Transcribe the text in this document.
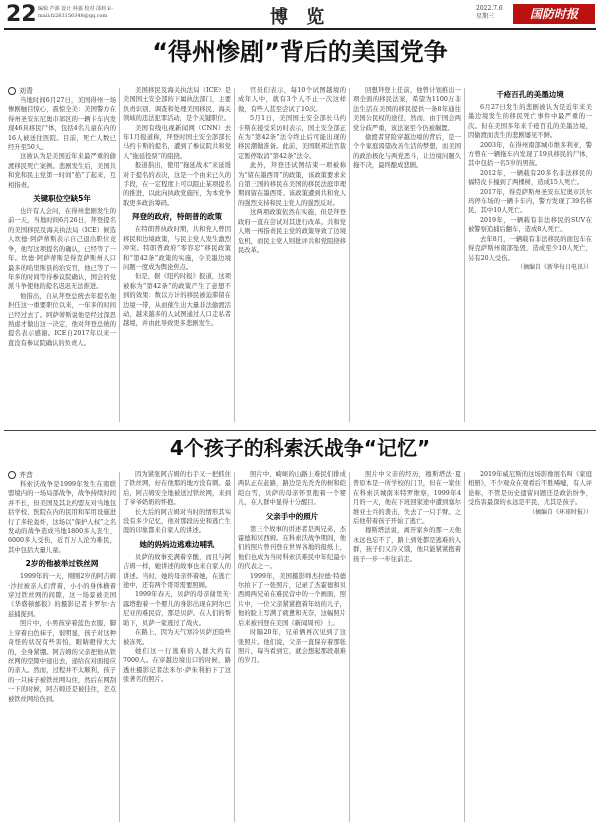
22 编辑 芦源 设计 林强 校对 邵莉 E-mail:fz283156348@qq.com	博 览	2022.7.6
星期三	国防时报
“得州惨剧”背后的美国党争

刘青

当地时间6月27日，美国得州一场惨剧触目惊心，震惊全美：美国警方在得州圣安东尼奥市郊区的一辆卡车内发现46具移民尸体，包括4名儿童在内的16人被送往医院。目前，死亡人数已经升至50人。

这被认为是美国近年来最严重的偷渡移民死亡案例。悲剧发生后，美国共和党和民主党第一时间“掐”了起来，互相指责。

关键职位空缺5年

也许有人会问，在得州悲剧发生的前一天，当地时间6月26日，拜登提名的美国移民及海关执法局（ICE）候选人坎德·阿萨蒂斯表示自己退出职位竞争，他写这项提名的确认，已经等了一年。坎德·阿萨蒂斯是得克萨斯州人口最多的哈里斯县的治安官，他已等了一年多的时间等待参议院确认，国会的党派斗争使他的提名迟迟无法推进。

他指出，自从拜登总统去年提名他担任这一重要职位以来，一年多的时间已经过去了。阿萨蒂斯说他是经过深思熟虑才做出这一决定，他对拜登总统的提名表示感谢。ICE自2017年以来一直没有参议院确认的负责人。

美国移民及海关执法局（ICE）是美国国土安全部的下属执法部门，主要负责识别、调查和处理美国移民、海关领域的违法犯罪活动，是个关键职位。

美国有线电视新闻网（CNN）去年1月报道称，拜登时国土安全部部长马约卡斯的提名，遭到了参议院共和党人“拖延投票”的阻挠。

报道指出，使用“拖延战术”来延缓对于提名的表决，这是一个由来已久的手段，在一定程度上可以阻止某项提名的推进，以此向执政党施压，为本党争取更多政治筹码。

拜登的政府，特朗普的政策

在特朗普执政时期，共和党人曾因移民和边境政策，与民主党人发生激烈冲突。特朗普政府“零容忍”移民政策和“第42条”政策的实施，令美墨边境问题一度成为舆论焦点。

但是，据《纽约时报》报道，这项被称为“第42条”的政策产生了意想不到的效果：数以万计的移民被迫滞留在边境一带，从而催生出大量非法偷渡活动，越来越多的人试图通过人口走私者越境，并由此导致更多悲剧发生。

官员们表示，每10个试图越境的成年人中，就有3个人不止一次这样做，有些人甚至尝试了10次。

5月1日，美国国土安全部长马约卡斯在接受采访时表示，国土安全部正在为“第42条”法令终止后可能出现的移民潮做准备。此前，美国联邦法官裁定暂停取消“第42条”法令。

此外，拜登还试图结束一项被称为“留在墨西哥”的政策，该政策要求来自第三国的移民在美国的移民法庭审理期间留在墨西哥。该政策遭到共和党人的强烈支持和民主党人的强烈反对。

这两项政策依然在实施，但是拜登政府一直在尝试对其进行改革。共和党人则一再指责民主党的政策导致了边境危机，而民主党人则批评共和党阻挠移民改革。

回想拜登上任前，他曾计划推出一项全面的移民法案，希望为1100万非法生活在美国的移民提供一条8年通往美国公民权的途径，然而，由于国会两党分歧严重，该法案至今仍被搁置。

偷渡者冒险穿越边境的背后，是一个个家庭渴望改善生活的梦想，而美国的政治极化与两党恶斗，让边境问题久拖不决，最终酿成悲剧。

千疮百孔的美墨边境

6月27日发生的悲剧被认为是近年来美墨边境发生的移民死亡事件中最严重的一次。但在美国多年来千疮百孔的美墨边境，因偷渡而丧生的悲剧屡见不鲜。

2003年，在得州南部城市维多利亚，警方曾在一辆拖车内发现了19具移民的尸体，其中包括一名5岁的男孩。

2012年，一辆载有20多名非法移民的福特皮卡撞到了两棵树，造成15人死亡。

2017年，得克萨斯州圣安东尼奥市沃尔玛停车场的一辆卡车内，警方发现了39名移民，其中10人死亡。

2019年，一辆载有非法移民的SUV在被警察追捕后翻车，造成8人死亡。

去年8月，一辆载有非法移民的面包车在得克萨斯州南部坠毁，造成至少10人死亡，另有20人受伤。

（摘编自《新华每日电讯》）
4个孩子的科索沃战争“记忆”

齐音

科索沃战争是1999年发生在南联盟境内的一场局部战争，战争持续时间并不长，但美国及其北约盟友对当地包括学校、医院在内的民用和军用设施进行了多轮轰炸，这场以“保护人权”之名发动的战争造成当地1800多人丧生、6000多人受伤，近百万人沦为难民，其中包括大量儿童。

2岁的他被举过铁丝网

1999年的一天，刚刚2岁的阿吉姆·沙拉被亲人们背着，小小的身体横着穿过铁丝网的间隙，这一场景被美国《华盛顿邮报》的摄影记者卡罗尔·古兹捕捉到。

照片中，小男孩穿着蓝色衣服，脚上穿着白色袜子，很明显，孩子对这种奇怪的状况有些害怕，眼睛瞪得大大的，全身紧绷。阿吉姆的父亲把他从铁丝网的空隙中递出去，递给在对面接应的亲人。然而，过程并不太顺利，孩子的一只袜子被铁丝网勾住，然后在网刮一下的时候，阿吉姆还是被挂住，差点被铁丝网给伤到。

因为紧张阿吉姆的右手又一把抓住了铁丝网，好在他那的地方没有刺。最后，阿吉姆安全地被送过铁丝网，来到了爷爷奶奶的怀抱。

长大后的阿吉姆对当时的情形其实没有多少记忆，他对那段历史和逃亡生涯的印象都来自家人的讲述。

她的妈妈边逃难边哺乳

贝萨的故事充满着辛酸，而且与阿吉姆一样，她讲述的故事也来自家人的讲述。当时，她的母亲怀着她，在逃亡途中，还有两个哥哥需要照顾。

1999年春天，贝萨的母亲谢里芙·露塔抱着一个婴儿的身影出现在阿尔巴尼亚的难民营，那是贝萨。在人们的帮助下，贝萨一家逃过了战火。

在路上，因为天气寒冷贝萨还险些被冻死。

她们这一行逃难的人群大约有7000人。在穿越边境出口的时候，路透社摄影记者法米尔·萨朱利拍下了这张著名的照片。

照片中，崎岖的山路上难民们排成两队正在赶路，路边是光秃秃的树和皑皑白雪，贝萨的母亲怀里抱着一个婴儿，在人群中显得十分醒目。

父亲手中的照片

第三个故事的讲述者是两兄弟，杰霍德和贝西姆。在科索沃战争期间，他们的照片曾刊登在世界各地的报纸上，他们也成为当时科索沃难民中年纪最小的代表之一。

1999年，美国摄影师杰拉德·特德尔拍下了一张照片，记录了杰霍德和贝西姆两兄弟在难民营中的一个画面，照片中，一位父亲紧紧抱着年幼的儿子，他的脸上写满了疲惫和无奈，这幅照片后来被刊登在美国《新闻周刊》上。

时隔20年，兄弟俩再次见到了这张照片。他们说，父亲一直保存着那张照片，每当看到它，就会想起那段艰难的岁月。

照片中父亲的经历，穆斯塔法·夏普原本是一所学校的门卫，但在一家住在科索沃城南米特罗维察，1999年4月的一天，他在下班回家途中遭到塞尔维亚士兵的袭击，失去了一只手臂。之后他带着孩子开始了逃亡。

穆斯塔法说，离开家乡的那一天他永远也忘不了，路上到处都是逃难的人群，孩子们又冷又饿，他只能紧紧抱着孩子一步一步往前走。

2019年威尼斯的这场影像展名叫《家庭相册》，不少观众在观看后不胜唏嘘，有人评论称，不管是历史遗留问题还是政治纷争，受伤害最深的永远是平民，尤其是孩子。

（摘编自《环球时报》）
